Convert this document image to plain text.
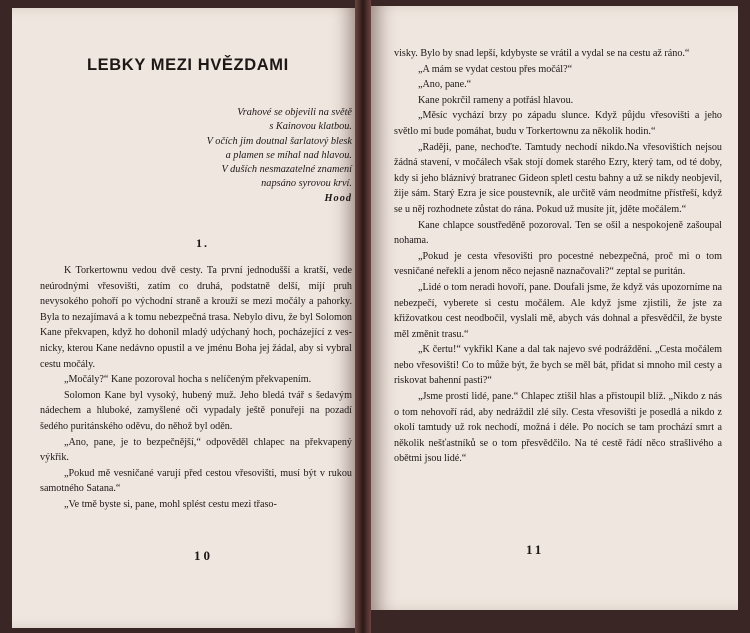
LEBKY MEZI HVĚZDAMI
Vrahové se objevili na světě
s Kainovou klatbou.
V očích jim doutnal šarlatový blesk
a plamen se míhal nad hlavou.
V duších nesmazatelné znamení
napsáno syrovou krví.
Hood
1.

K Torkertownu vedou dvě cesty. Ta první jednodušší a kratší, vede neúrodnými vřesovišti, zatím co druhá, podstatně delší, míjí pruh nevysokého pohoří po východní straně a krouží se mezi močály a pahorky. Byla to nezajímavá a k tomu nebezpečná trasa. Nebylo divu, že byl Solomon Kane překvapen, když ho dohonil mladý udýchaný hoch, pocházející z ves-nicky, kterou Kane nedávno opustil a ve jménu Boha jej žádal, aby si vybral cestu močály.

„Močály?“ Kane pozoroval hocha s nelíčeným překvapením.

Solomon Kane byl vysoký, hubený muž. Jeho bledá tvář s šedavým nádechem a hluboké, zamyšlené oči vypadaly ještě ponuřeji na pozadí šedého puritánského oděvu, do něhož byl oděn.

„Ano, pane, je to bezpečnější,“ odpověděl chlapec na překvapený výkřik.

„Pokud mě vesničané varují před cestou vřesovišti, musí být v rukou samotného Satana.“

„Ve tmě byste si, pane, mohl splést cestu mezi třaso-

10

visky. Bylo by snad lepší, kdybyste se vrátil a vydal se na cestu až ráno.“

„A mám se vydat cestou přes močál?“

„Ano, pane.“

Kane pokrčil rameny a potřásl hlavou.

„Měsíc vychází brzy po západu slunce. Když půjdu vřesovišti a jeho světlo mi bude pomáhat, budu v Torkertownu za několik hodin.“

„Raději, pane, nechoďte. Tamtudy nechodí nikdo.Na vřesovištích nejsou žádná stavení, v močálech však stojí domek starého Ezry, který tam, od té doby, kdy si jeho bláznivý bratranec Gideon spletl cestu bahny a už se nikdy neobjevil, žije sám. Starý Ezra je sice poustevník, ale určitě vám neodmítne přístřeší, když se u něj rozhodnete zůstat do rána. Pokud už musíte jít, jděte močálem.“

Kane chlapce soustředěně pozoroval. Ten se ošil a nespokojeně zašoupal nohama.

„Pokud je cesta vřesovišti pro pocestné nebezpečná, proč mi o tom vesničané neřekli a jenom něco nejasně naznačovali?“ zeptal se puritán.

„Lidé o tom neradi hovoří, pane. Doufali jsme, že když vás upozorníme na nebezpečí, vyberete si cestu močálem. Ale když jsme zjistili, že jste za křižovatkou cest neodbočil, vyslali mě, abych vás dohnal a přesvědčil, že byste měl změnit trasu.“

„K čertu!“ vykřikl Kane a dal tak najevo své podráždění. „Cesta močálem nebo vřesovišti! Co to může být, že bych se měl bát, přidat si mnoho mil cesty a riskovat bahenní pasti?“

„Jsme prostí lidé, pane.“ Chlapec ztišil hlas a přistoupil blíž. „Nikdo z nás o tom nehovoří rád, aby nedráždil zlé síly. Cesta vřesovišti je posedlá a nikdo z okolí tamtudy už rok nechodí, možná i déle. Po nocích se tam prochází smrt a několik nešťastníků se o tom přesvědčilo. Na té cestě řádí něco strašlivého a obětmi jsou lidé.“

11
